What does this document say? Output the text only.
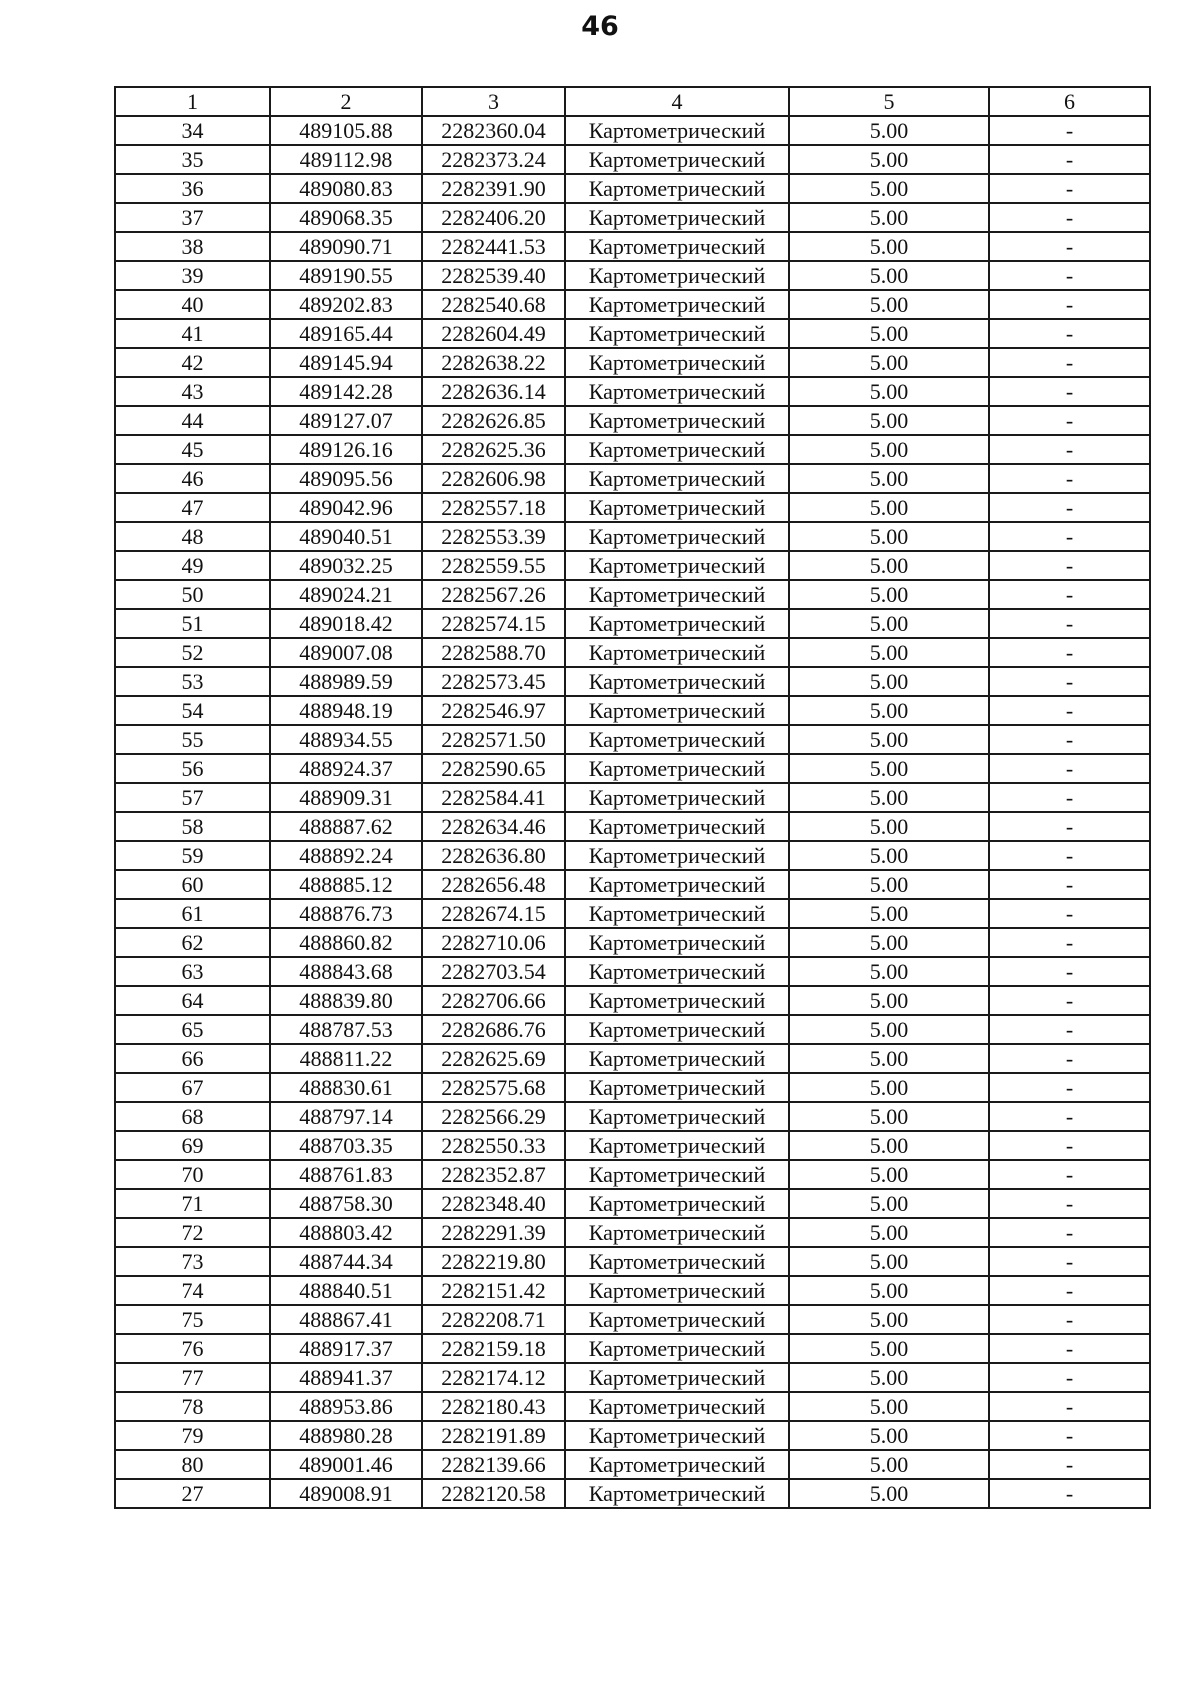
46
1	2	3	4	5	6
34	489105.88	2282360.04	Картометрический	5.00	-
35	489112.98	2282373.24	Картометрический	5.00	-
36	489080.83	2282391.90	Картометрический	5.00	-
37	489068.35	2282406.20	Картометрический	5.00	-
38	489090.71	2282441.53	Картометрический	5.00	-
39	489190.55	2282539.40	Картометрический	5.00	-
40	489202.83	2282540.68	Картометрический	5.00	-
41	489165.44	2282604.49	Картометрический	5.00	-
42	489145.94	2282638.22	Картометрический	5.00	-
43	489142.28	2282636.14	Картометрический	5.00	-
44	489127.07	2282626.85	Картометрический	5.00	-
45	489126.16	2282625.36	Картометрический	5.00	-
46	489095.56	2282606.98	Картометрический	5.00	-
47	489042.96	2282557.18	Картометрический	5.00	-
48	489040.51	2282553.39	Картометрический	5.00	-
49	489032.25	2282559.55	Картометрический	5.00	-
50	489024.21	2282567.26	Картометрический	5.00	-
51	489018.42	2282574.15	Картометрический	5.00	-
52	489007.08	2282588.70	Картометрический	5.00	-
53	488989.59	2282573.45	Картометрический	5.00	-
54	488948.19	2282546.97	Картометрический	5.00	-
55	488934.55	2282571.50	Картометрический	5.00	-
56	488924.37	2282590.65	Картометрический	5.00	-
57	488909.31	2282584.41	Картометрический	5.00	-
58	488887.62	2282634.46	Картометрический	5.00	-
59	488892.24	2282636.80	Картометрический	5.00	-
60	488885.12	2282656.48	Картометрический	5.00	-
61	488876.73	2282674.15	Картометрический	5.00	-
62	488860.82	2282710.06	Картометрический	5.00	-
63	488843.68	2282703.54	Картометрический	5.00	-
64	488839.80	2282706.66	Картометрический	5.00	-
65	488787.53	2282686.76	Картометрический	5.00	-
66	488811.22	2282625.69	Картометрический	5.00	-
67	488830.61	2282575.68	Картометрический	5.00	-
68	488797.14	2282566.29	Картометрический	5.00	-
69	488703.35	2282550.33	Картометрический	5.00	-
70	488761.83	2282352.87	Картометрический	5.00	-
71	488758.30	2282348.40	Картометрический	5.00	-
72	488803.42	2282291.39	Картометрический	5.00	-
73	488744.34	2282219.80	Картометрический	5.00	-
74	488840.51	2282151.42	Картометрический	5.00	-
75	488867.41	2282208.71	Картометрический	5.00	-
76	488917.37	2282159.18	Картометрический	5.00	-
77	488941.37	2282174.12	Картометрический	5.00	-
78	488953.86	2282180.43	Картометрический	5.00	-
79	488980.28	2282191.89	Картометрический	5.00	-
80	489001.46	2282139.66	Картометрический	5.00	-
27	489008.91	2282120.58	Картометрический	5.00	-
